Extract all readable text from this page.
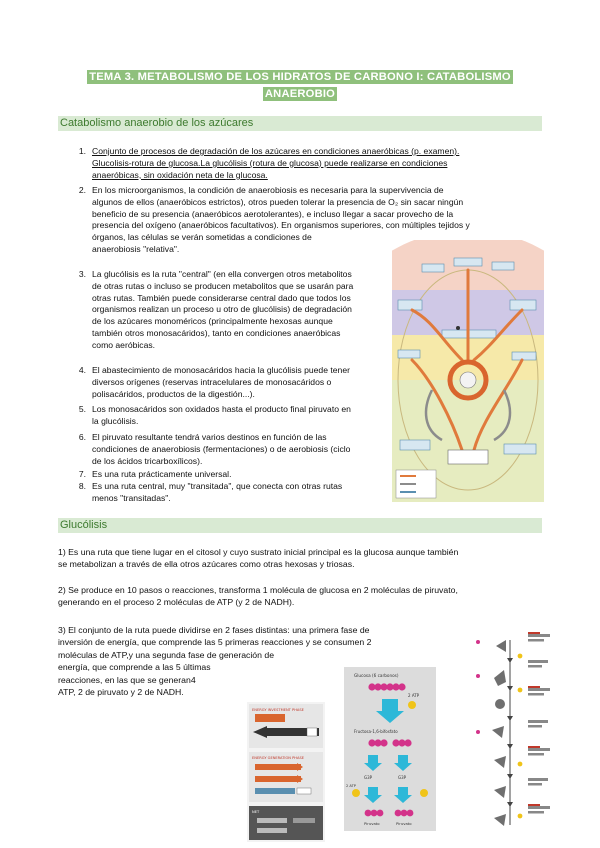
TEMA 3. METABOLISMO DE LOS HIDRATOS DE CARBONO I: CATABOLISMO
ANAEROBIO
Catabolismo anaerobio de los azúcares
1. Conjunto de procesos de degradación de los azúcares en condiciones anaeróbicas (p. examen).
Glucolisis-rotura de glucosa.La glucólisis (rotura de glucosa) puede realizarse en condiciones
anaeróbicas, sin oxidación neta de la glucosa.
2. En los microorganismos, la condición de anaerobiosis es necesaria para la supervivencia de
algunos de ellos (anaeróbicos estrictos), otros pueden tolerar la presencia de O₂ sin sacar ningún
beneficio de su presencia (anaeróbicos aerotolerantes), e incluso llegar a sacar provecho de la
presencia del oxígeno (anaeróbicos facultativos). En organismos superiores, con múltiples tejidos y
órganos, las células se verán sometidas a condiciones de
anaerobiosis "relativa".
3. La glucólisis es la ruta "central" (en ella convergen otros metabolitos
de otras rutas o incluso se producen metabolitos que se usarán para
otras rutas. También puede considerarse central dado que todos los
organismos realizan un proceso u otro de glucólisis) de degradación
de los azúcares monoméricos (principalmente hexosas aunque
también otros monosacáridos), tanto en condiciones anaeróbicas
como aeróbicas.
4. El abastecimiento de monosacáridos hacia la glucólisis puede tener
diversos orígenes (reservas intracelulares de monosacáridos o
polisacáridos, productos de la digestión...).
5. Los monosacáridos son oxidados hasta el producto final piruvato en
la glucólisis.
6. El piruvato resultante tendrá varios destinos en función de las
condiciones de anaerobiosis (fermentaciones) o de aerobiosis (ciclo
de los ácidos tricarboxílicos).
7. Es una ruta prácticamente universal.
8. Es una ruta central, muy "transitada", que conecta con otras rutas
menos "transitadas".
Glucólisis
1) Es una ruta que tiene lugar en el citosol y cuyo sustrato inicial principal es la glucosa aunque también
se metabolizan a través de ella otros azúcares como otras hexosas y triosas.
2) Se produce en 10 pasos o reacciones, transforma 1 molécula de glucosa en 2 moléculas de piruvato,
generando en el proceso 2 moléculas de ATP (y 2 de NADH).
3) El conjunto de la ruta puede dividirse en 2 fases distintas: una primera fase de
inversión de energía, que comprende las 5 primeras reacciones y se consumen 2
moléculas de ATP,y una segunda fase de generación de
energía, que comprende a las 5 últimas
reacciones, en las que se generan4
ATP, 2 de piruvato y 2 de NADH.
ENERGY INVESTMENT PHASE
ENERGY GENERATION PHASE
NET
Glucosa (6 carbonos)
2 ATP
Fructosa-1,6-bifosfato
G3P	G3P
2 ATP
Piruvato	Piruvato
